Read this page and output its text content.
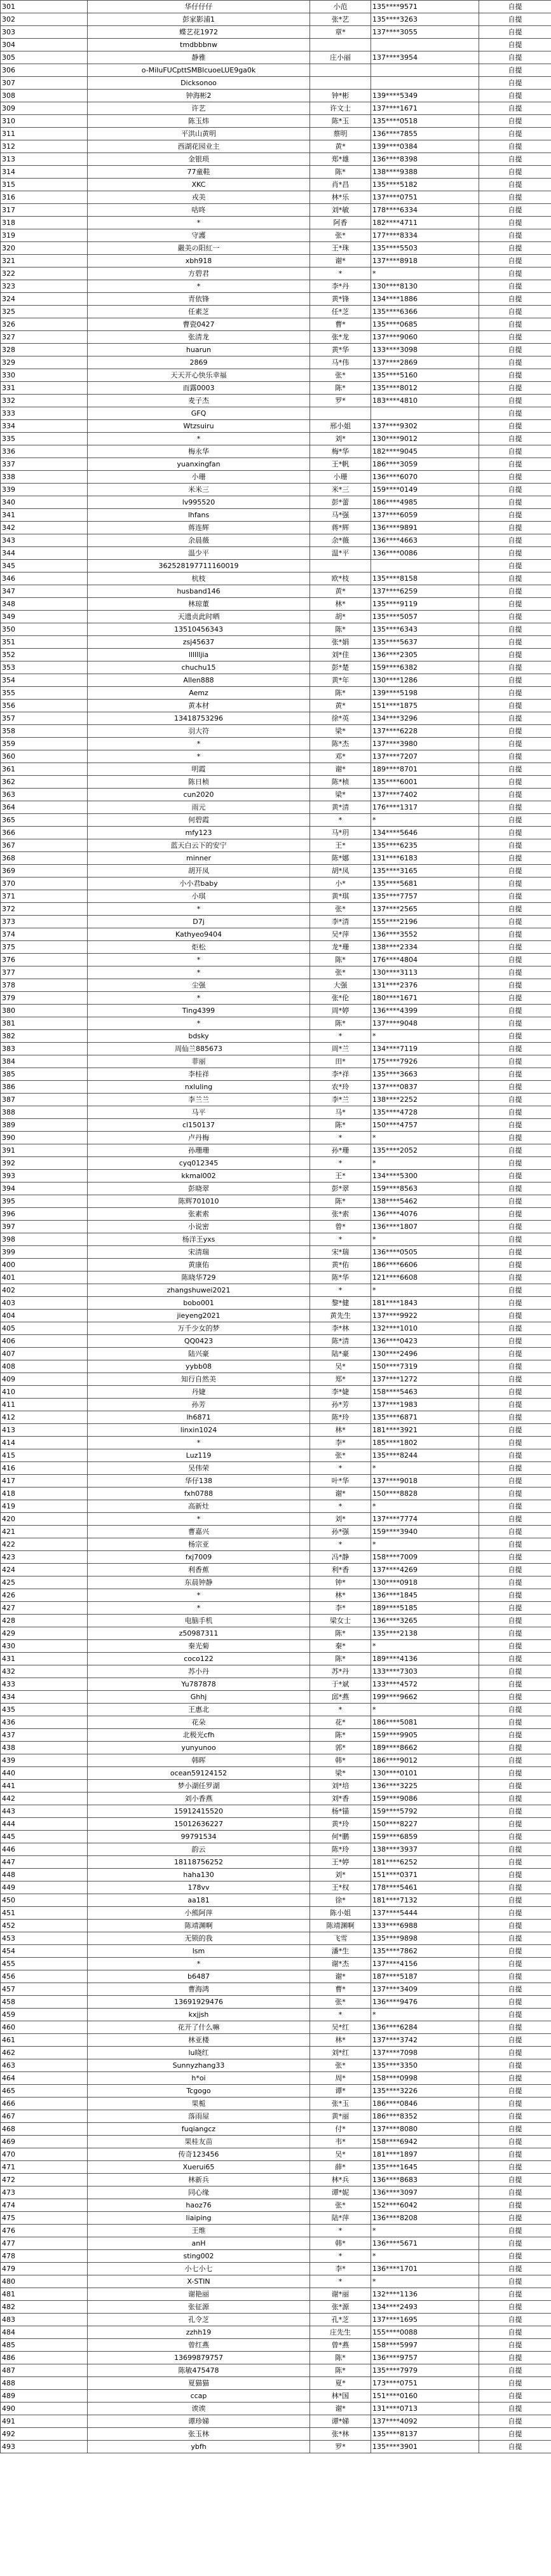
301	华仔仔仔	小范	135****9571	自提
302	彭家影浦1	张*艺	135****3263	自提
303	蝶艺花1972	章*	137****3055	自提
304	tmdbbbnw			自提
305	静雅	庄小丽	137****3954	自提
306	o-MiIuFUCpttSMBlcuoeLUE9ga0k			自提
307	Dicksonoo			自提
308	钟海彬2	钟*彬	139****5349	自提
309	许艺	许文士	137****1671	自提
310	陈玉炜	陈*玉	135****0518	自提
311	平洪山黄明	蔡明	136****7855	自提
312	西湖花园业主	黄*	139****0384	自提
313	金银琐	郑*雄	136****8398	自提
314	77童鞋	陈*	138****9388	自提
315	XKC	肖*昌	135****5182	自提
316	戎美	林*乐	137****0751	自提
317	咕咚	刘*敏	178****6334	自提
318	*	阿香	182****4711	自提
319	守護	张*	177****8334	自提
320	嚴美の阳紅一	王*珠	135****5503	自提
321	xbh918	谢*	137****8918	自提
322	方碧君	*	*	自提
323	*	李*丹	130****8130	自提
324	青依锋	黄*锋	134****1886	自提
325	任素芝	任*芝	135****6366	自提
326	曹瓷0427	曹*	135****0685	自提
327	张清龙	张*龙	137****9060	自提
328	huarun	黄*华	133****3098	自提
329	2869	马*伟	137****2869	自提
330	天天开心快乐幸福	张*	135****5160	自提
331	而露0003	陈*	135****8012	自提
332	麦子杰	罗*	183****4810	自提
333	GFQ			自提
334	Wtzsuiru	邢小姐	137****9302	自提
335	*	刘*	130****9012	自提
336	梅永华	梅*华	182****9045	自提
337	yuanxingfan	王*帆	186****3059	自提
338	小珊	小珊	136****6070	自提
339	米米三	米*三	159****0149	自提
340	lv995520	彭*蕾	186****4985	自提
341	lhfans	马*强	137****6059	自提
342	蒋连辉	蒋*辉	136****9891	自提
343	余晨薇	余*薇	136****4663	自提
344	温少平	温*平	136****0086	自提
345	362528197711160019			自提
346	杭枝	欧*枝	135****8158	自提
347	husband146	黄*	137****6259	自提
348	林琼董	林*	135****9119	自提
349	天遗贞此时晒	胡*	135****5057	自提
350	13510456343	陈*	135****6343	自提
351	zsj45637	张*娟	135****5637	自提
352	lllllljia	刘*佳	136****2305	自提
353	chuchu15	彭*楚	159****6382	自提
354	Allen888	黄*年	130****1286	自提
355	Aemz	陈*	139****5198	自提
356	黄本材	黄*	151****1875	自提
357	13418753296	徐*英	134****3296	自提
358	羽大符	梁*	137****6228	自提
359	*	陈*杰	137****3980	自提
360	*	邓*	137****7207	自提
361	明霞	谢*	189****8701	自提
362	陈日桢	陈*桢	135****6001	自提
363	cun2020	梁*	137****7402	自提
364	雨元	黄*清	176****1317	自提
365	何碧霞	*	*	自提
366	mfy123	马*玥	134****5646	自提
367	蓝天白云下的安宁	王*	135****6235	自提
368	minner	陈*娜	131****6183	自提
369	胡开凤	胡*凤	135****3165	自提
370	小小君baby	小*	135****5681	自提
371	小琪	黄*琪	135****7757	自提
372	*	张*	137****2565	自提
373	D7j	李*清	155****2196	自提
374	Kathyeo9404	吴*萍	136****3552	自提
375	炬松	龙*珊	138****2334	自提
376	*	陈*	176****4804	自提
377	*	张*	130****3113	自提
378	尘强	大强	131****2376	自提
379	*	张*伦	180****1671	自提
380	Ting4399	周*婷	136****4399	自提
381	*	陈*	137****9048	自提
382	bdsky	*	*	自提
383	周仙兰885673	周*兰	134****7119	自提
384	菲丽	田*	175****7926	自提
385	李桂祥	李*祥	135****3663	自提
386	nxluling	农*玲	137****0837	自提
387	李兰兰	李*兰	138****2252	自提
388	马平	马*	135****4728	自提
389	cl150137	陈*	150****4757	自提
390	卢丹梅	*	*	自提
391	孙珊珊	孙*珊	135****2052	自提
392	cyq012345	*	*	自提
393	kkmal002	王*	134****5300	自提
394	彭晓翠	彭*翠	159****8563	自提
395	陈辉701010	陈*	138****5462	自提
396	张素索	张*索	136****4076	自提
397	小说密	曾*	136****1807	自提
398	杨洋王yxs	*	*	自提
399	宋清瑞	宋*瑞	136****0505	自提
400	黄康佑	黄*佑	186****6606	自提
401	陈晓华729	陈*华	121****6608	自提
402	zhangshuwei2021	*	*	自提
403	bobo001	黎*健	181****1843	自提
404	jieyeng2021	黄先生	137****9922	自提
405	万千少女的梦	李*林	132****1010	自提
406	QQ0423	陈*清	136****0423	自提
407	陆兴豪	陆*豪	130****2496	自提
408	yybb08	吴*	150****7319	自提
409	知行自然美	郑*	137****1272	自提
410	丹婕	李*婕	158****5463	自提
411	孙芳	孙*芳	137****1983	自提
412	lh6871	陈*玲	135****6871	自提
413	linxin1024	林*	181****3921	自提
414	*	李*	185****1802	自提
415	Luz119	张*	135****8244	自提
416	吴伟荣	*	*	自提
417	华仔138	叶*华	137****9018	自提
418	fxh0788	谢*	150****8828	自提
419	高新灶	*	*	自提
420	*	刘*	137****7774	自提
421	曹嘉兴	孙*强	159****3940	自提
422	杨宗亚	*	*	自提
423	fxj7009	冯*静	158****7009	自提
424	利香蕉	利*香	137****4269	自提
425	东晨钟静	钟*	130****0918	自提
426	*	林*	136****1845	自提
427	*	李*	189****5185	自提
428	电脑手机	梁女士	136****3265	自提
429	z50987311	陈*	135****2138	自提
430	秦光菊	秦*	*	自提
431	coco122	陈*	189****4136	自提
432	苏小丹	苏*丹	133****7303	自提
433	Yu787878	于*斌	133****4572	自提
434	Ghhj	邱*燕	199****9662	自提
435	王惠北	*	*	自提
436	花朵	花*	186****5081	自提
437	北极光cfh	陈*	159****9905	自提
438	yunyunoo	郭*	189****8662	自提
439	韩晖	韩*	186****9012	自提
440	ocean59124152	梁*	130****0101	自提
441	梦小湖任罗湖	刘*培	136****3225	自提
442	刘小香燕	刘*香	159****9086	自提
443	15912415520	杨*锚	159****5792	自提
444	15012636227	黄*玲	150****8227	自提
445	99791534	何*鹏	159****6859	自提
446	韵云	陈*玲	138****3937	自提
447	18118756252	王*婷	181****6252	自提
448	haha130	刘*	151****0371	自提
449	178vv	王*权	178****5461	自提
450	aa181	徐*	181****7132	自提
451	小熊阿萍	陈小姐	137****5444	自提
452	陈靖渊啊	陈靖渊啊	133****6988	自提
453	无锁的我	飞雪	135****9898	自提
454	lsm	潘*生	135****7862	自提
455	*	谢*杰	137****4156	自提
456	b6487	谢*	187****5187	自提
457	曹海鸿	曹*	137****3409	自提
458	13691929476	张*	136****9476	自提
459	kxjjsh	*	*	自提
460	花开了什么嘛	吴*红	136****6284	自提
461	林亚楼	林*	137****3742	自提
462	lu晓红	刘*红	137****7098	自提
463	Sunnyzhang33	张*	135****3350	自提
464	h*oi	周*	158****0998	自提
465	Tcgogo	谭*	135****3226	自提
466	果栀	张*玉	186****0846	自提
467	落雨屋	黄*丽	186****8352	自提
468	fuqiangcz	付*	137****8080	自提
469	果桂友苗	韦*	158****6942	自提
470	传奇123456	吴*	181****1897	自提
471	Xuerui65	薛*	135****1645	自提
472	林新兵	林*兵	136****8683	自提
473	同心缘	谭*妮	136****3097	自提
474	haoz76	张*	152****6042	自提
475	liaiping	陆*萍	136****8208	自提
476	王维	*	*	自提
477	anH	韩*	136****5671	自提
478	sting002	*	*	自提
479	小七小七	李*	136****1701	自提
480	X-STIN	*	*	自提
481	谢艳丽	谢*丽	132****1136	自提
482	张征源	张*源	134****2493	自提
483	孔令芝	孔*芝	137****1695	自提
484	zzhh19	庄先生	155****0088	自提
485	曾红燕	曾*燕	158****5997	自提
486	13699879757	陈*	136****9757	自提
487	陈敏475478	陈*	135****7979	自提
488	夏猫猫	夏*	173****0751	自提
489	ccap	林*国	151****0160	自提
490	诶诶	谢*	131****0713	自提
491	谭珍娣	谭*娣	137****4092	自提
492	张玉林	张*林	135****8137	自提
493	ybfh	罗*	135****3901	自提
